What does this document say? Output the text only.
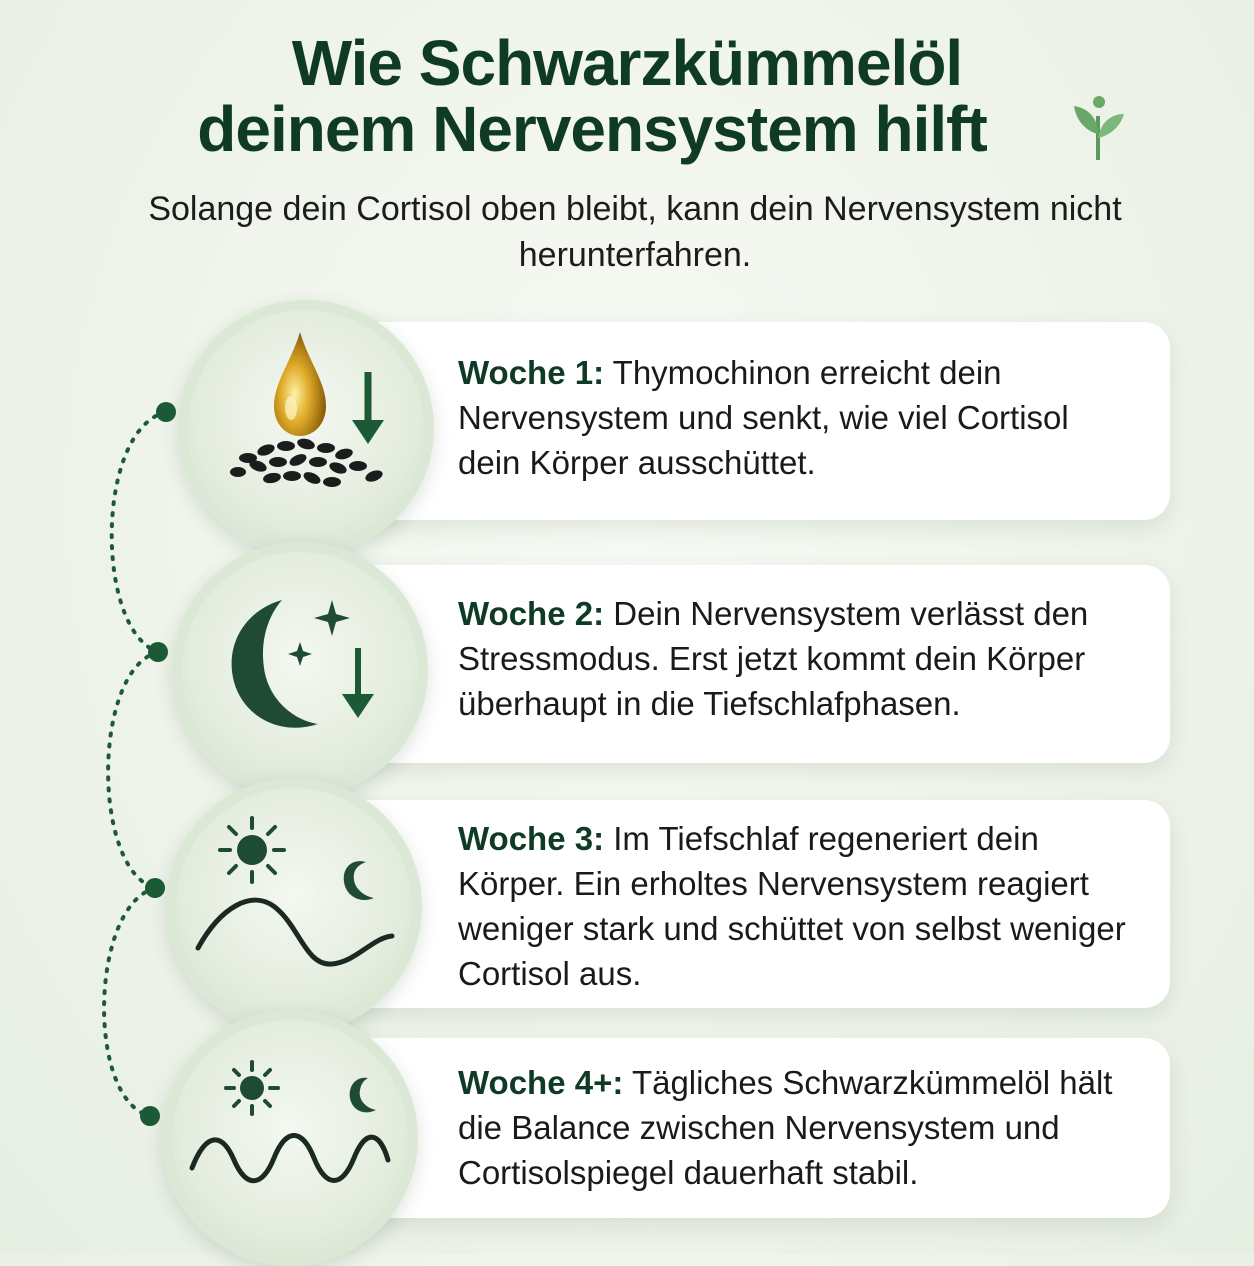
Wie Schwarzkümmelöl
deinem Nervensystem hilft
Solange dein Cortisol oben bleibt, kann dein Nervensystem nicht herunterfahren.
Woche 1: Thymochinon erreicht dein Nervensystem und senkt, wie viel Cortisol dein Körper ausschüttet.
Woche 2: Dein Nervensystem verlässt den Stressmodus. Erst jetzt kommt dein Körper überhaupt in die Tiefschlafphasen.
Woche 3: Im Tiefschlaf regeneriert dein Körper. Ein erholtes Nervensystem reagiert weniger stark und schüttet von selbst weniger Cortisol aus.
Woche 4+: Tägliches Schwarzkümmelöl hält die Balance zwischen Nervensystem und Cortisolspiegel dauerhaft stabil.
